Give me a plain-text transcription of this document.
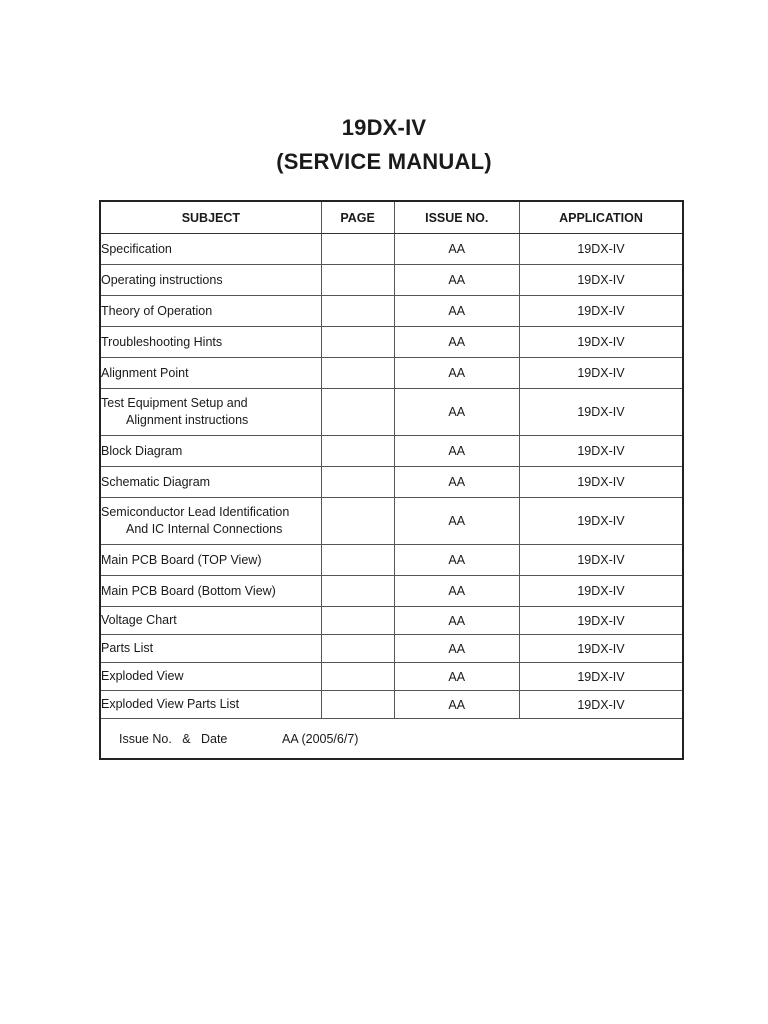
19DX-IV
(SERVICE MANUAL)
SUBJECT	PAGE	ISSUE NO.	APPLICATION
Specification		AA	19DX-IV
Operating instructions		AA	19DX-IV
Theory of Operation		AA	19DX-IV
Troubleshooting Hints		AA	19DX-IV
Alignment Point		AA	19DX-IV
Test Equipment Setup and
Alignment instructions		AA	19DX-IV
Block Diagram		AA	19DX-IV
Schematic Diagram		AA	19DX-IV
Semiconductor Lead Identification
And IC Internal Connections		AA	19DX-IV
Main PCB Board (TOP View)		AA	19DX-IV
Main PCB Board (Bottom View)		AA	19DX-IV
Voltage Chart		AA	19DX-IV
Parts List		AA	19DX-IV
Exploded View		AA	19DX-IV
Exploded View Parts List		AA	19DX-IV
Issue No.   &   Date AA (2005/6/7)			
